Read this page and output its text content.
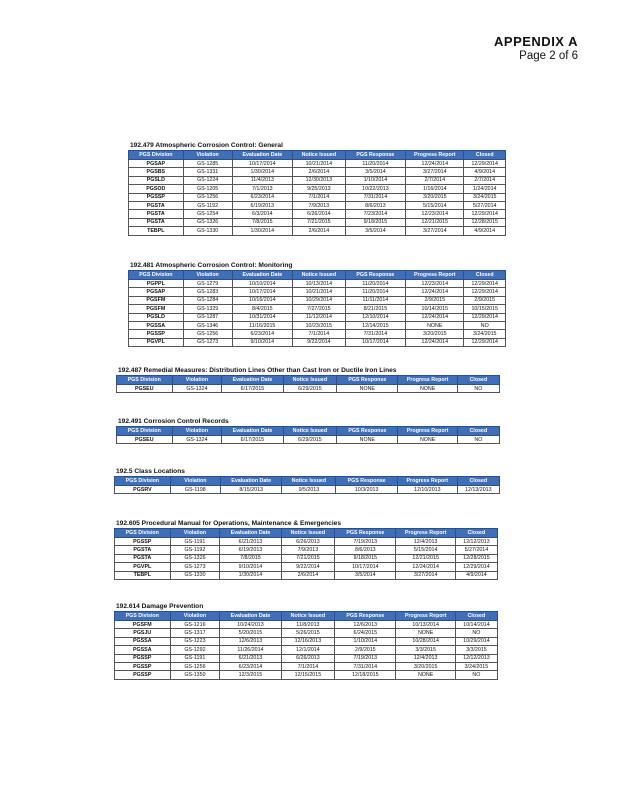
APPENDIX A
Page 2 of 6
192.479 Atmospheric Corrosion Control: General
PGS Division	Violation	Evaluation Date	Notice Issued	PGS Response	Progress Report	Closed
PGSAP	GS-1285	10/17/2014	10/21/2014	11/20/2014	12/24/2014	12/29/2014
PGSBS	GS-1331	1/30/2014	2/6/2014	3/5/2014	3/27/2014	4/9/2014
PGSLD	GS-1224	11/4/2013	12/30/2013	1/10/2014	2/7/2014	2/7/2014
PGSOD	GS-1205	7/1/2013	9/25/2013	10/22/2013	1/16/2014	1/24/2014
PGSSP	GS-1256	6/23/2014	7/1/2014	7/31/2014	3/20/2015	3/24/2015
PGSTA	GS-1192	6/19/2013	7/9/2013	8/6/2013	5/15/2014	5/27/2014
PGSTA	GS-1254	6/3/2014	6/26/2014	7/23/2014	12/23/2014	12/29/2014
PGSTA	GS-1326	7/8/2015	7/21/2015	9/18/2015	12/21/2015	12/28/2015
TEBPL	GS-1330	1/30/2014	2/6/2014	3/5/2014	3/27/2014	4/9/2014
192.481 Atmospheric Corrosion Control: Monitoring
PGS Division	Violation	Evaluation Date	Notice Issued	PGS Response	Progress Report	Closed
PGPPL	GS-1279	10/10/2014	10/13/2014	11/20/2014	12/23/2014	12/29/2014
PGSAP	GS-1283	10/17/2014	10/21/2014	11/20/2014	12/24/2014	12/29/2014
PGSFM	GS-1284	10/16/2014	10/29/2014	11/11/2014	2/9/2015	2/9/2015
PGSFM	GS-1329	8/4/2015	7/27/2015	8/21/2015	10/14/2015	10/15/2015
PGSLD	GS-1287	10/31/2014	11/12/2014	12/10/2014	12/24/2014	12/29/2014
PGSSA	GS-1346	11/16/2015	10/23/2015	12/14/2015	NONE	NO
PGSSP	GS-1256	6/23/2014	7/1/2014	7/31/2014	3/20/2015	3/24/2015
PGVPL	GS-1273	9/10/2014	9/22/2014	10/17/2014	12/24/2014	12/29/2014
192.487 Remedial Measures: Distribution Lines Other than Cast Iron or Ductile Iron Lines
PGS Division	Violation	Evaluation Date	Notice Issued	PGS Response	Progress Report	Closed
PGSEU	GS-1324	6/17/2015	6/29/2015	NONE	NONE	NO
192.491 Corrosion Control Records
PGS Division	Violation	Evaluation Date	Notice Issued	PGS Response	Progress Report	Closed
PGSEU	GS-1324	6/17/2015	6/29/2015	NONE	NONE	NO
192.5 Class Locations
PGS Division	Violation	Evaluation Date	Notice Issued	PGS Response	Progress Report	Closed
PGSRV	GS-1198	8/15/2013	9/5/2013	10/3/2013	12/10/2013	12/13/2013
192.605 Procedural Manual for Operations, Maintenance & Emergencies
PGS Division	Violation	Evaluation Date	Notice Issued	PGS Response	Progress Report	Closed
PGSSP	GS-1191	6/21/2013	6/26/2013	7/19/2013	12/4/2013	12/12/2013
PGSTA	GS-1192	6/19/2013	7/9/2013	8/6/2013	5/15/2014	5/27/2014
PGSTA	GS-1326	7/8/2015	7/21/2015	9/18/2015	12/21/2015	12/28/2015
PGVPL	GS-1273	9/10/2014	9/22/2014	10/17/2014	12/24/2014	12/29/2014
TEBPL	GS-1330	1/30/2014	2/6/2014	3/5/2014	3/27/2014	4/9/2014
192.614 Damage Prevention
PGS Division	Violation	Evaluation Date	Notice Issued	PGS Response	Progress Report	Closed
PGSFM	GS-1216	10/24/2013	11/8/2013	12/6/2013	10/13/2014	10/14/2014
PGSJU	GS-1317	5/20/2015	5/26/2015	6/24/2015	NONE	NO
PGSSA	GS-1223	12/6/2013	12/16/2013	1/10/2014	10/28/2014	10/29/2014
PGSSA	GS-1292	11/26/2014	12/1/2014	2/9/2015	3/3/2015	3/3/2015
PGSSP	GS-1191	6/21/2013	6/26/2013	7/19/2013	12/4/2013	12/12/2013
PGSSP	GS-1256	6/23/2014	7/1/2014	7/31/2014	3/20/2015	3/24/2015
PGSSP	GS-1350	12/3/2015	12/15/2015	12/18/2015	NONE	NO
